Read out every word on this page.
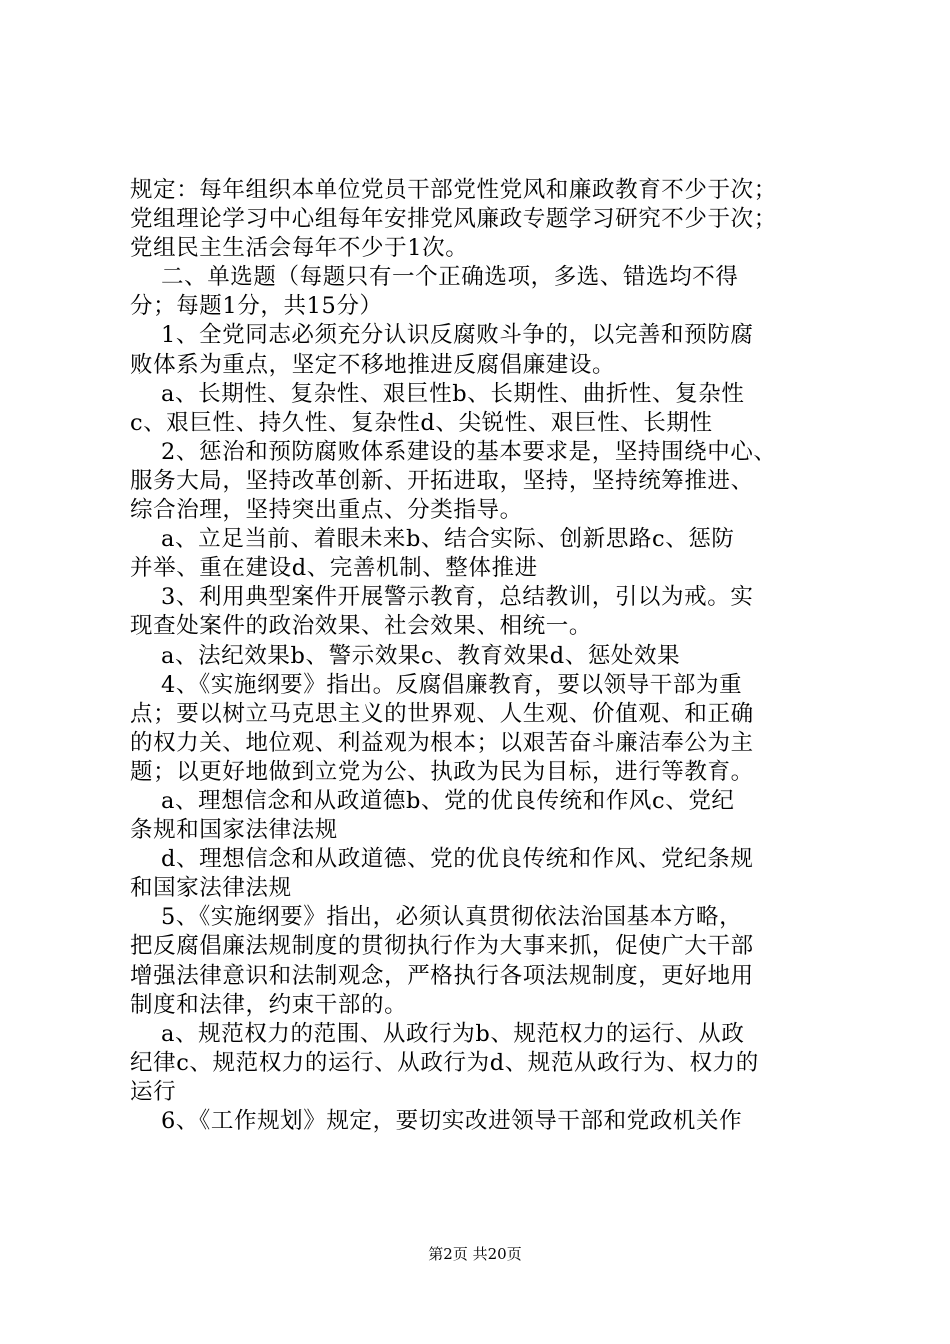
规定：每年组织本单位党员干部党性党风和廉政教育不少于次；
党组理论学习中心组每年安排党风廉政专题学习研究不少于次；
党组民主生活会每年不少于1次。
二、单选题（每题只有一个正确选项，多选、错选均不得
分；每题1分，共15分）
1、全党同志必须充分认识反腐败斗争的，以完善和预防腐
败体系为重点，坚定不移地推进反腐倡廉建设。
a、长期性、复杂性、艰巨性b、长期性、曲折性、复杂性
c、艰巨性、持久性、复杂性d、尖锐性、艰巨性、长期性
2、惩治和预防腐败体系建设的基本要求是，坚持围绕中心、
服务大局，坚持改革创新、开拓进取，坚持，坚持统筹推进、
综合治理，坚持突出重点、分类指导。
a、立足当前、着眼未来b、结合实际、创新思路c、惩防
并举、重在建设d、完善机制、整体推进
3、利用典型案件开展警示教育，总结教训，引以为戒。实
现查处案件的政治效果、社会效果、相统一。
a、法纪效果b、警示效果c、教育效果d、惩处效果
4、《实施纲要》指出。反腐倡廉教育，要以领导干部为重
点；要以树立马克思主义的世界观、人生观、价值观、和正确
的权力关、地位观、利益观为根本；以艰苦奋斗廉洁奉公为主
题；以更好地做到立党为公、执政为民为目标，进行等教育。
a、理想信念和从政道德b、党的优良传统和作风c、党纪
条规和国家法律法规
d、理想信念和从政道德、党的优良传统和作风、党纪条规
和国家法律法规
5、《实施纲要》指出，必须认真贯彻依法治国基本方略，
把反腐倡廉法规制度的贯彻执行作为大事来抓，促使广大干部
增强法律意识和法制观念，严格执行各项法规制度，更好地用
制度和法律，约束干部的。
a、规范权力的范围、从政行为b、规范权力的运行、从政
纪律c、规范权力的运行、从政行为d、规范从政行为、权力的
运行
6、《工作规划》规定，要切实改进领导干部和党政机关作
第2页 共20页
